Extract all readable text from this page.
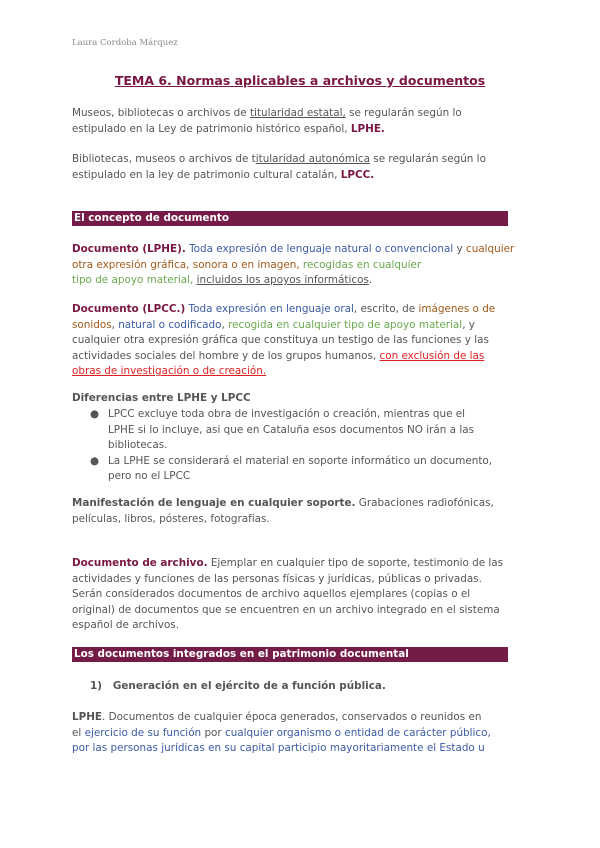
Laura Cordoba Márquez
TEMA 6. Normas aplicables a archivos y documentos
Museos, bibliotecas o archivos de titularidad estatal, se regularán según lo
estipulado en la Ley de patrimonio histórico español, LPHE.
Bibliotecas, museos o archivos de titularidad autonómica se regularán según lo
estipulado en la ley de patrimonio cultural catalán, LPCC.
El concepto de documento
Documento (LPHE). Toda expresión de lenguaje natural o convencional y cualquier
otra expresión gráfica, sonora o en imagen, recogidas en cualquier
tipo de apoyo material, incluidos los apoyos informáticos.
Documento (LPCC.) Toda expresión en lenguaje oral, escrito, de imágenes o de
sonidos, natural o codificado, recogida en cualquier tipo de apoyo material, y
cualquier otra expresión gráfica que constituya un testigo de las funciones y las
actividades sociales del hombre y de los grupos humanos, con exclusión de las
obras de investigación o de creación.
Diferencias entre LPHE y LPCC
● LPCC excluye toda obra de investigación o creación, mientras que el
LPHE si lo incluye, asi que en Cataluña esos documentos NO irán a las
bibliotecas.
● La LPHE se considerará el material en soporte informático un documento,
pero no el LPCC
Manifestación de lenguaje en cualquier soporte. Grabaciones radiofónicas,
películas, libros, pósteres, fotografías.
Documento de archivo. Ejemplar en cualquier tipo de soporte, testimonio de las
actividades y funciones de las personas físicas y jurídicas, públicas o privadas.
Serán considerados documentos de archivo aquellos ejemplares (copias o el
original) de documentos que se encuentren en un archivo integrado en el sistema
español de archivos.
Los documentos integrados en el patrimonio documental
1) Generación en el ejército de a función pública.
LPHE. Documentos de cualquier época generados, conservados o reunidos en
el ejercicio de su función por cualquier organismo o entidad de carácter público,
por las personas jurídicas en su capital participio mayoritariamente el Estado u
